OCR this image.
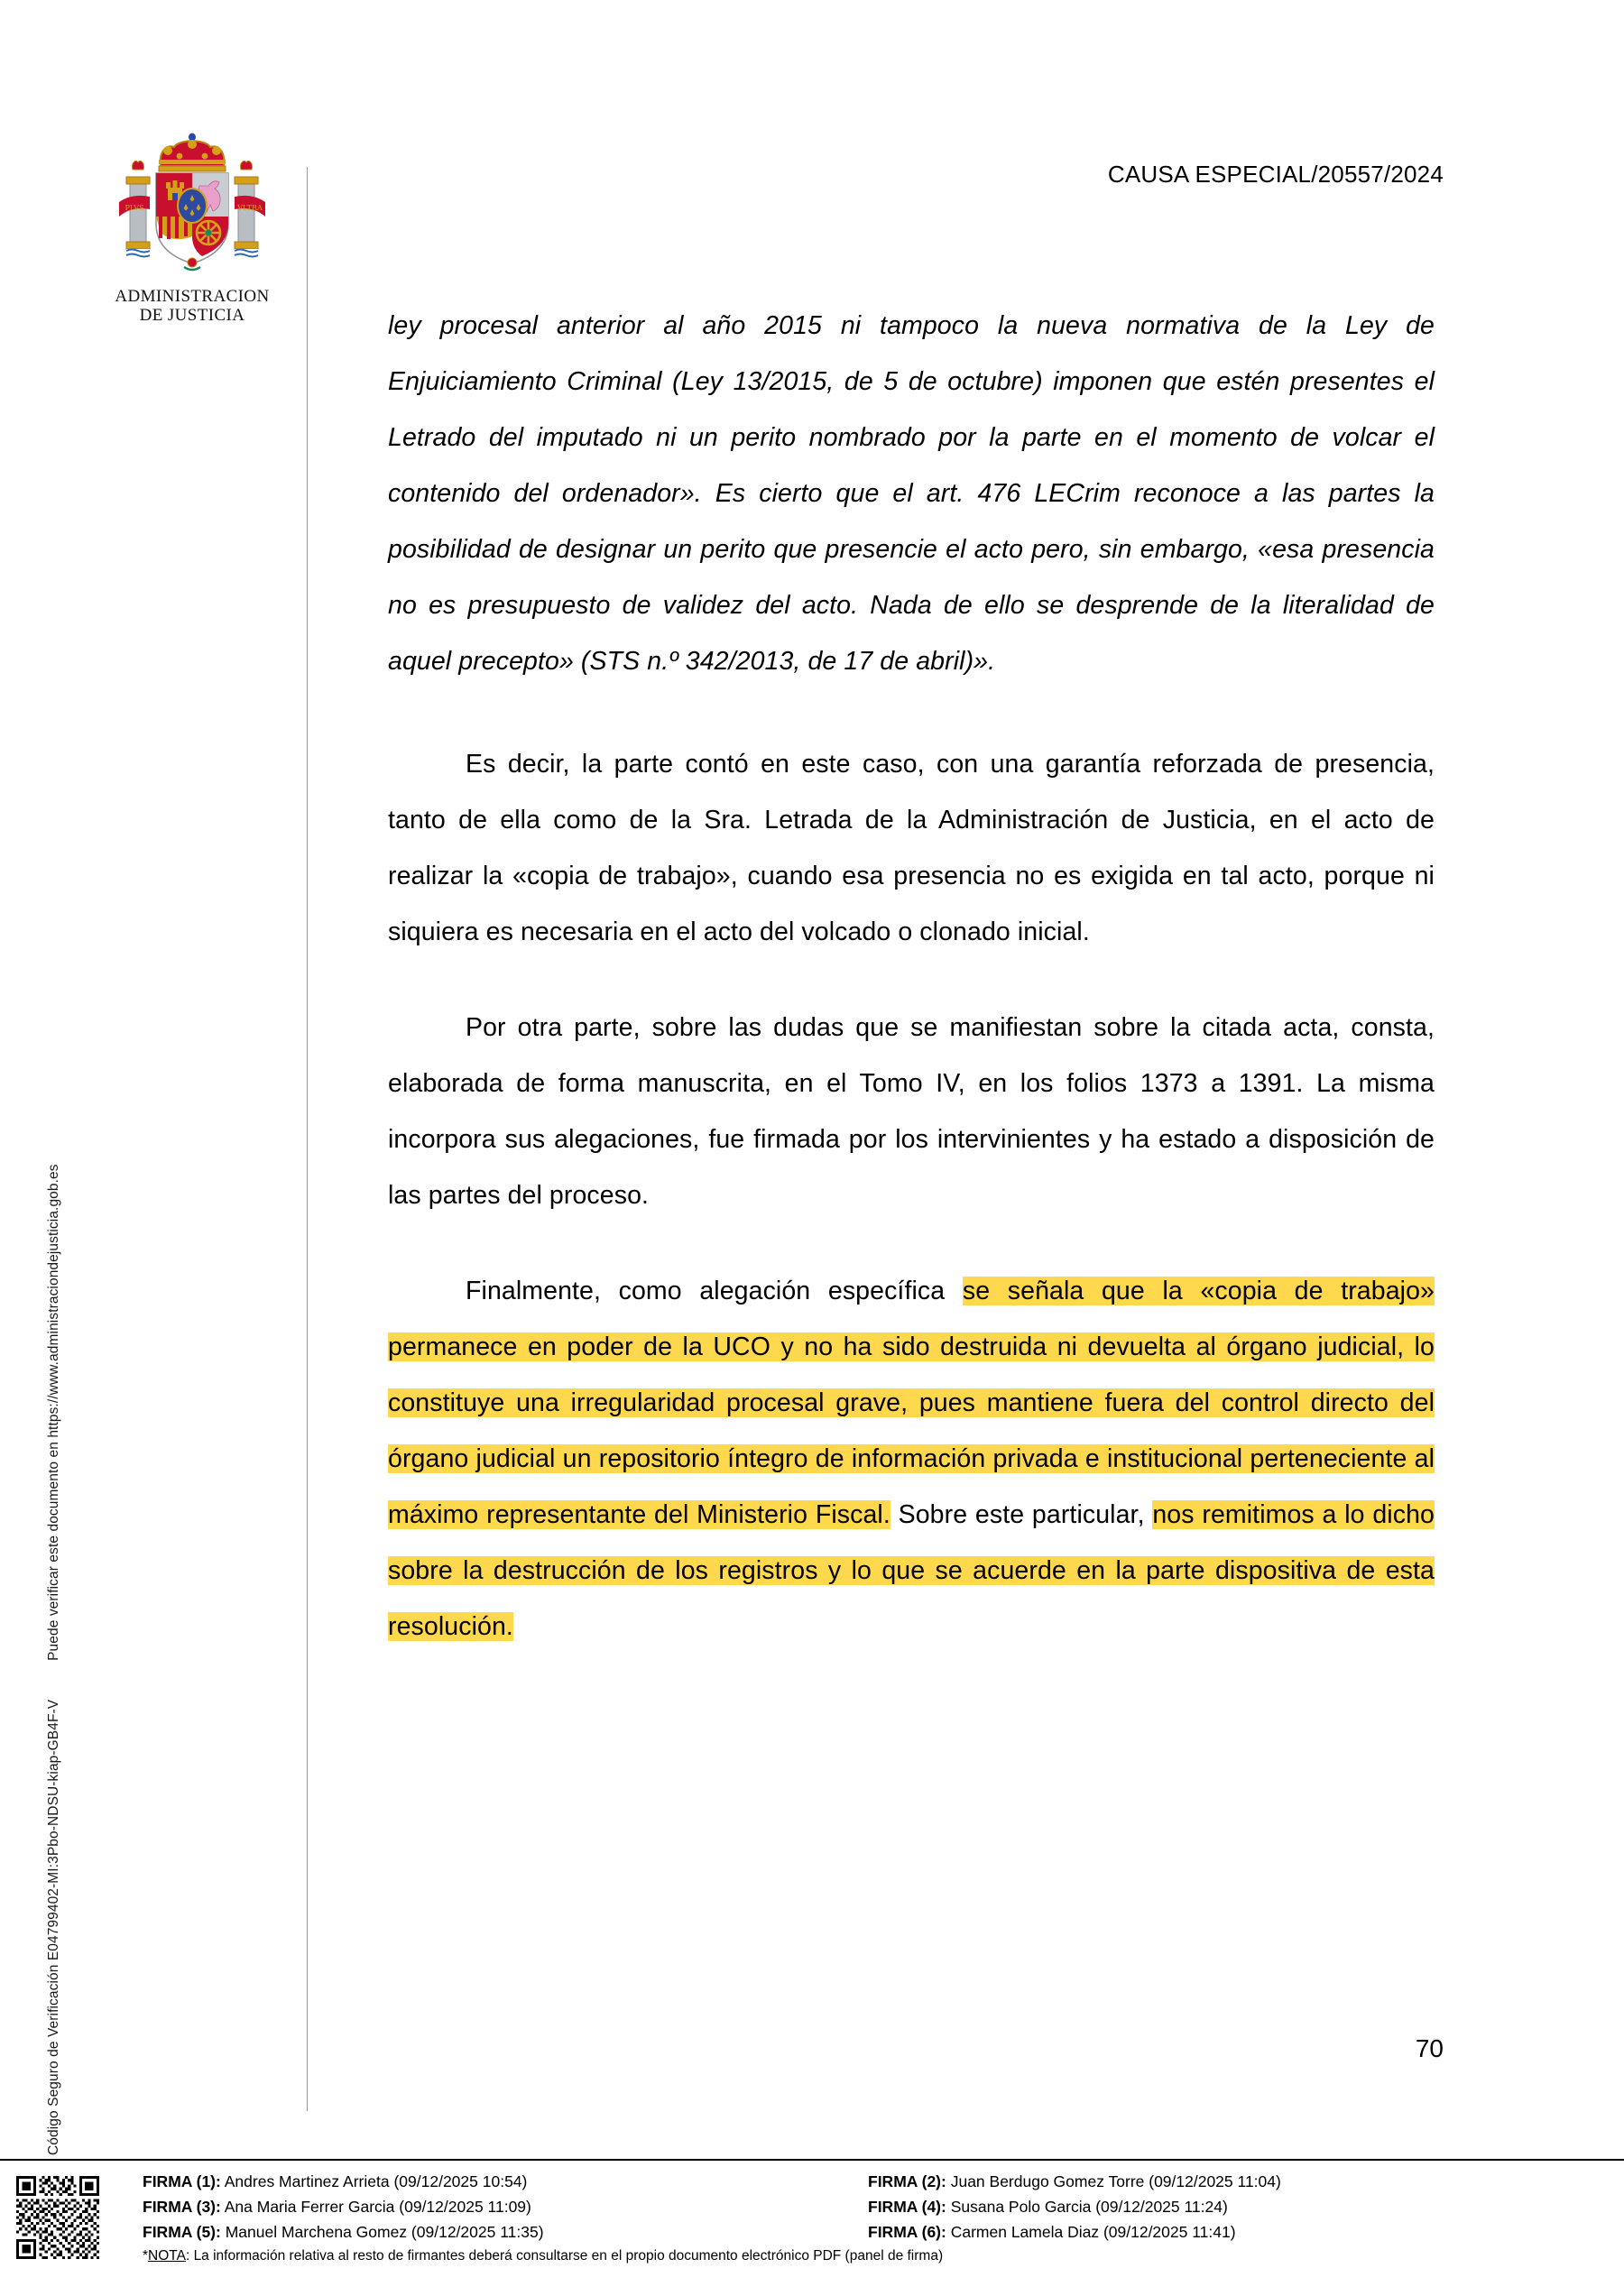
PLVS	VLTRA
ADMINISTRACION
DE JUSTICIA
Código Seguro de Verificación E04799402-MI:3Pbo-NDSU-kiap-GB4F-V  Puede verificar este documento en https://www.administraciondejusticia.gob.es
CAUSA ESPECIAL/20557/2024

ley procesal anterior al año 2015 ni tampoco la nueva normativa de la Ley de Enjuiciamiento Criminal (Ley 13/2015, de 5 de octubre) imponen que estén presentes el Letrado del imputado ni un perito nombrado por la parte en el momento de volcar el contenido del ordenador». Es cierto que el art. 476 LECrim reconoce a las partes la posibilidad de designar un perito que presencie el acto pero, sin embargo, «esa presencia no es presupuesto de validez del acto. Nada de ello se desprende de la literalidad de aquel precepto» (STS n.º 342/2013, de 17 de abril)».

Es decir, la parte contó en este caso, con una garantía reforzada de presencia, tanto de ella como de la Sra. Letrada de la Administración de Justicia, en el acto de realizar la «copia de trabajo», cuando esa presencia no es exigida en tal acto, porque ni siquiera es necesaria en el acto del volcado o clonado inicial.

Por otra parte, sobre las dudas que se manifiestan sobre la citada acta, consta, elaborada de forma manuscrita, en el Tomo IV, en los folios 1373 a 1391. La misma incorpora sus alegaciones, fue firmada por los intervinientes y ha estado a disposición de las partes del proceso.

Finalmente, como alegación específica se señala que la «copia de trabajo» permanece en poder de la UCO y no ha sido destruida ni devuelta al órgano judicial, lo constituye una irregularidad procesal grave, pues mantiene fuera del control directo del órgano judicial un repositorio íntegro de información privada e institucional perteneciente al máximo representante del Ministerio Fiscal. Sobre este particular, nos remitimos a lo dicho sobre la destrucción de los registros y lo que se acuerde en la parte dispositiva de esta resolución.

70
FIRMA (1): Andres Martinez Arrieta (09/12/2025 10:54)	FIRMA (2): Juan Berdugo Gomez Torre (09/12/2025 11:04)
FIRMA (3): Ana Maria Ferrer Garcia (09/12/2025 11:09)	FIRMA (4): Susana Polo Garcia (09/12/2025 11:24)
FIRMA (5): Manuel Marchena Gomez (09/12/2025 11:35)	FIRMA (6): Carmen Lamela Diaz (09/12/2025 11:41)
*NOTA: La información relativa al resto de firmantes deberá consultarse en el propio documento electrónico PDF (panel de firma)
